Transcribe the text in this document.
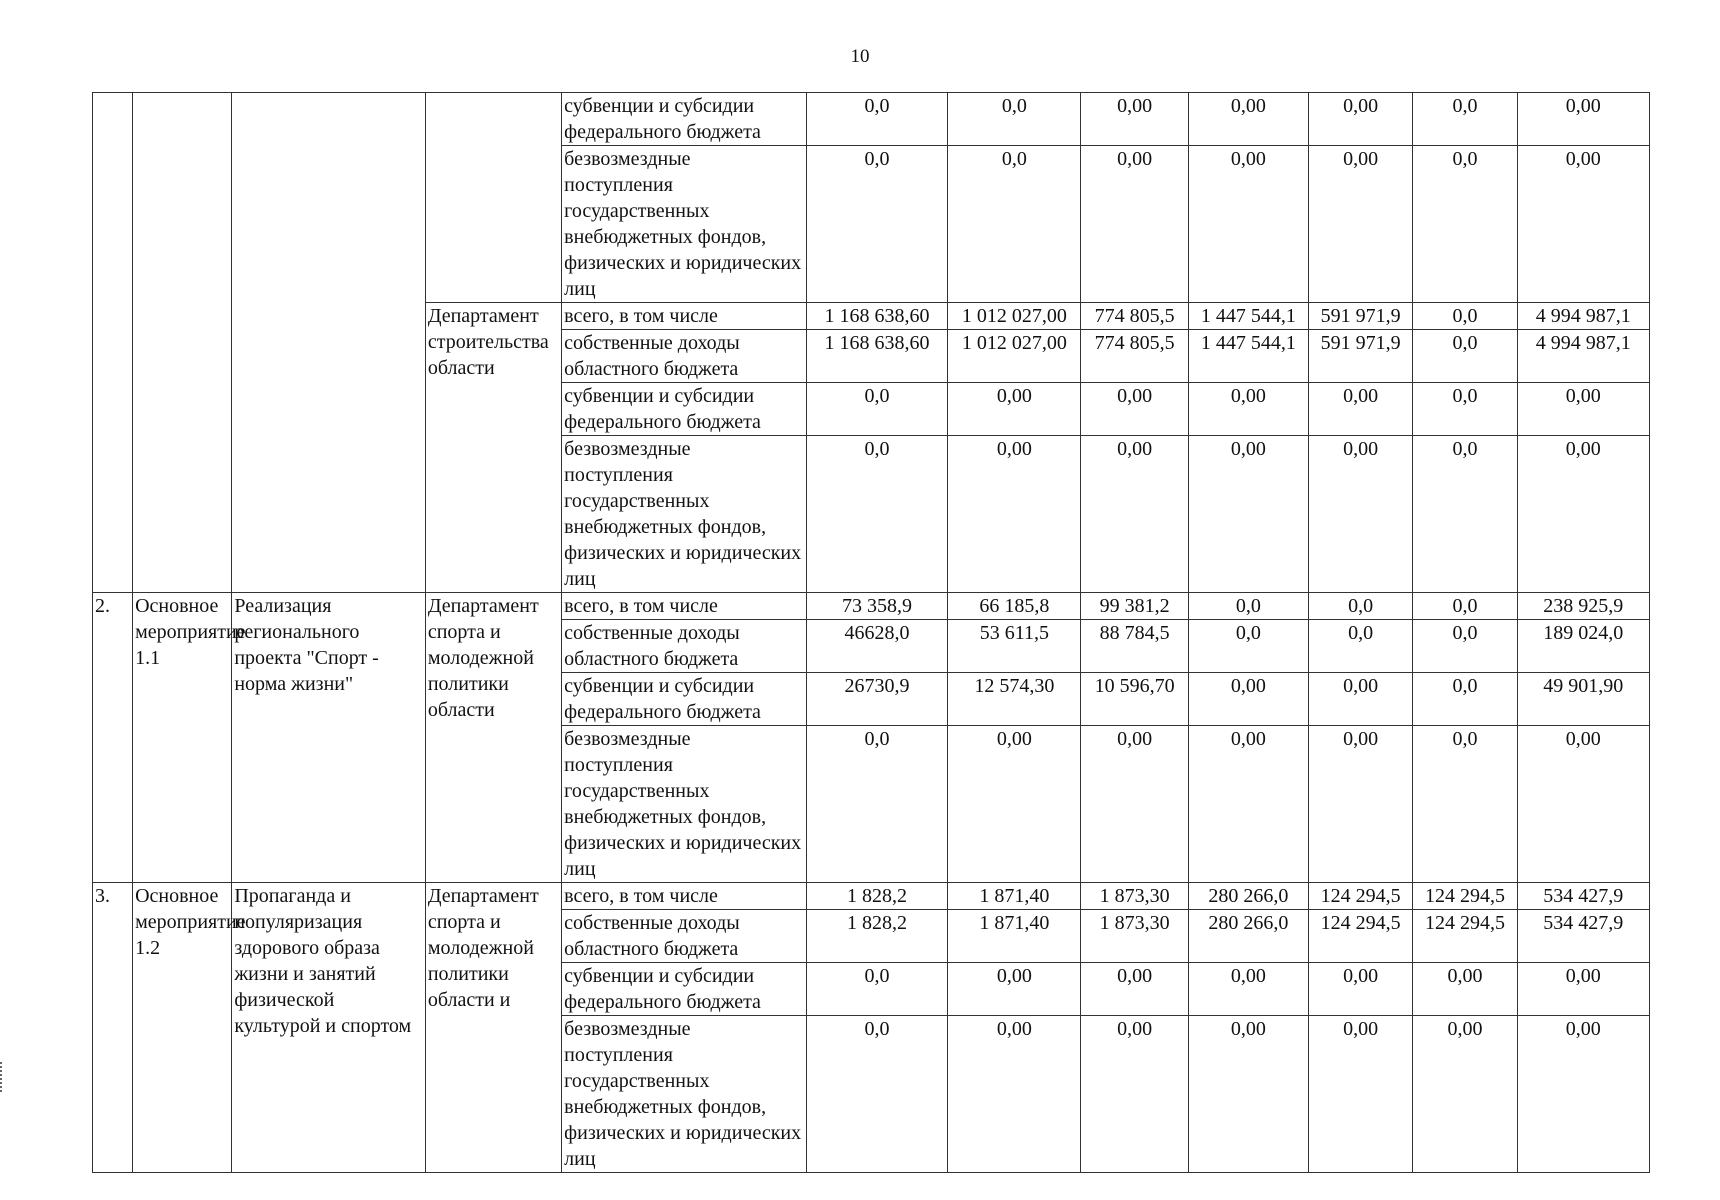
10
				субвенции и субсидии федерального бюджета	0,0	0,0	0,00	0,00	0,00	0,0	0,00
				безвозмездные поступления государственных внебюджетных фондов, физических и юридических лиц	0,0	0,0	0,00	0,00	0,00	0,0	0,00
			Департамент строительства области	всего, в том числе	1 168 638,60	1 012 027,00	774 805,5	1 447 544,1	591 971,9	0,0	4 994 987,1
				собственные доходы областного бюджета	1 168 638,60	1 012 027,00	774 805,5	1 447 544,1	591 971,9	0,0	4 994 987,1
				субвенции и субсидии федерального бюджета	0,0	0,00	0,00	0,00	0,00	0,0	0,00
				безвозмездные поступления государственных внебюджетных фондов, физических и юридических лиц	0,0	0,00	0,00	0,00	0,00	0,0	0,00
2.	Основное мероприятие 1.1	Реализация регионального проекта "Спорт - норма жизни"	Департамент спорта и молодежной политики области	всего, в том числе	73 358,9	66 185,8	99 381,2	0,0	0,0	0,0	238 925,9
				собственные доходы областного бюджета	46628,0	53 611,5	88 784,5	0,0	0,0	0,0	189 024,0
				субвенции и субсидии федерального бюджета	26730,9	12 574,30	10 596,70	0,00	0,00	0,0	49 901,90
				безвозмездные поступления государственных внебюджетных фондов, физических и юридических лиц	0,0	0,00	0,00	0,00	0,00	0,0	0,00
3.	Основное мероприятие 1.2	Пропаганда и популяризация здорового образа жизни и занятий физической культурой и спортом	Департамент спорта и молодежной политики области и	всего, в том числе	1 828,2	1 871,40	1 873,30	280 266,0	124 294,5	124 294,5	534 427,9
				собственные доходы областного бюджета	1 828,2	1 871,40	1 873,30	280 266,0	124 294,5	124 294,5	534 427,9
				субвенции и субсидии федерального бюджета	0,0	0,00	0,00	0,00	0,00	0,00	0,00
				безвозмездные поступления государственных внебюджетных фондов, физических и юридических лиц	0,0	0,00	0,00	0,00	0,00	0,00	0,00
